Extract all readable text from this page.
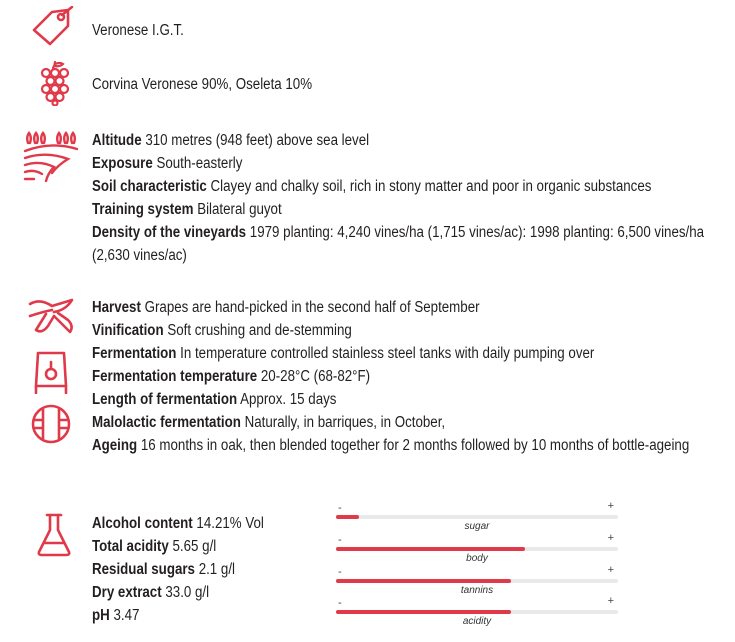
Veronese I.G.T.
Corvina Veronese 90%, Oseleta 10%
Altitude 310 metres (948 feet) above sea level
Exposure South-easterly
Soil characteristic Clayey and chalky soil, rich in stony matter and poor in organic substances
Training system Bilateral guyot
Density of the vineyards 1979 planting: 4,240 vines/ha (1,715 vines/ac): 1998 planting: 6,500 vines/ha (2,630 vines/ac)
Harvest Grapes are hand-picked in the second half of September
Vinification Soft crushing and de-stemming
Fermentation In temperature controlled stainless steel tanks with daily pumping over
Fermentation temperature 20-28°C (68-82°F)
Length of fermentation Approx. 15 days
Malolactic fermentation Naturally, in barriques, in October,
Ageing 16 months in oak, then blended together for 2 months followed by 10 months of bottle-ageing
Alcohol content 14.21% Vol
Total acidity 5.65 g/l
Residual sugars 2.1 g/l
Dry extract 33.0 g/l
pH 3.47
-	+
sugar
-	+
body
-	+
tannins
-	+
acidity
